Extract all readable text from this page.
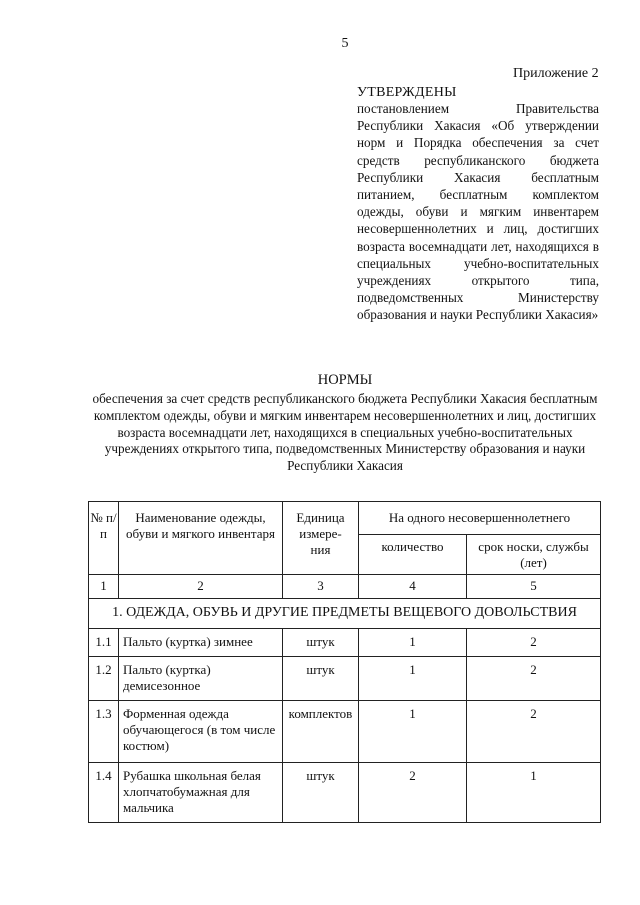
5
Приложение 2
УТВЕРЖДЕНЫ
постановлением Правительства Республики Хакасия «Об утверждении норм и Порядка обеспечения за счет средств республиканского бюджета Республики Хакасия бесплатным питанием, бесплатным комплектом одежды, обуви и мягким инвентарем несовершеннолетних и лиц, достигших возраста восемнадцати лет, находящихся в специальных учебно-воспитательных учреждениях открытого типа, подведомственных Министерству образования и науки Республики Хакасия»
НОРМЫ
обеспечения за счет средств республиканского бюджета Республики Хакасия бесплатным комплектом одежды, обуви и мягким инвентарем несовершеннолетних и лиц, достигших возраста восемнадцати лет, находящихся в специальных учебно-воспитательных учреждениях открытого типа, подведомственных Министерству образования и науки Республики Хакасия
№ п/п	Наименование одежды, обуви и мягкого инвентаря	Единица измере-ния	На одного несовершеннолетнего	
			количество	срок носки, службы (лет)
1	2	3	4	5
1. ОДЕЖДА, ОБУВЬ И ДРУГИЕ ПРЕДМЕТЫ ВЕЩЕВОГО ДОВОЛЬСТВИЯ				
1.1	Пальто (куртка) зимнее	штук	1	2
1.2	Пальто (куртка) демисезонное	штук	1	2
1.3	Форменная одежда обучающегося (в том числе костюм)	комплектов	1	2
1.4	Рубашка школьная белая хлопчатобумажная для мальчика	штук	2	1
